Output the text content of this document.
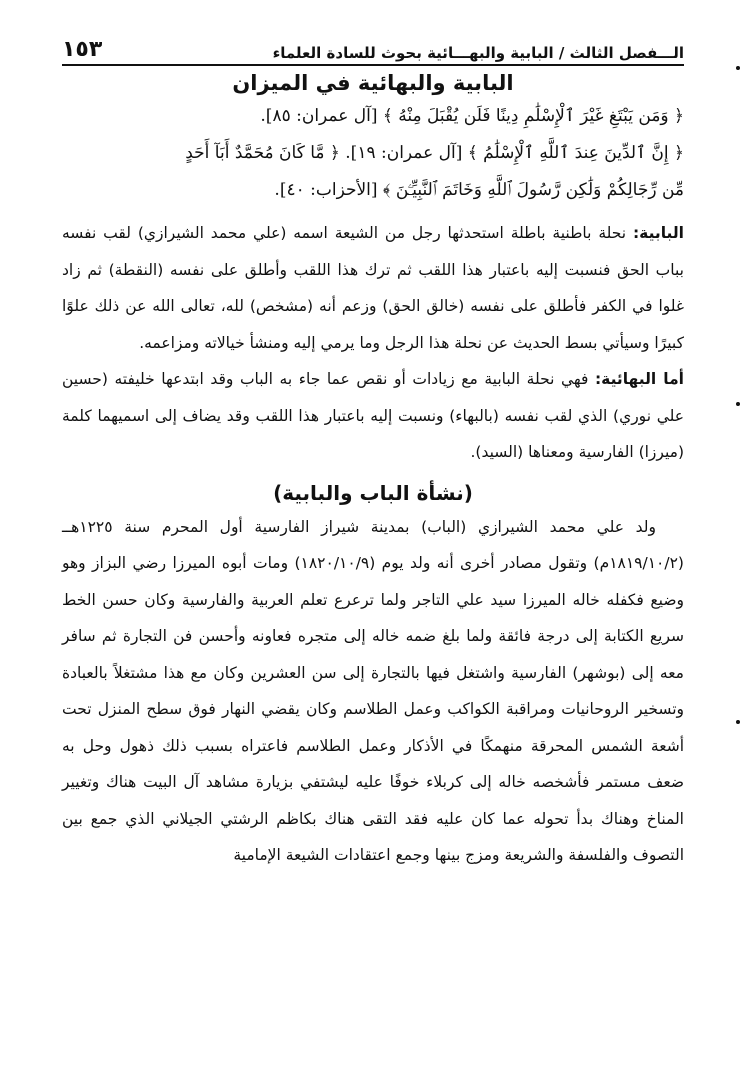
الـــفصل الثالث / البابية والبهـــائية بحوث للسادة العلماء
١٥٣
البابية والبهائية في الميزان
﴿ وَمَن يَبْتَغِ غَيْرَ ٱلْإِسْلَٰمِ دِينًا فَلَن يُقْبَلَ مِنْهُ ﴾ [آل عمران: ٨٥].
﴿ إِنَّ ٱلدِّينَ عِندَ ٱللَّهِ ٱلْإِسْلَٰمُ ﴾ [آل عمران: ١٩]. ﴿ مَّا كَانَ مُحَمَّدٌ أَبَآ أَحَدٍ
مِّن رِّجَالِكُمْ وَلَٰكِن رَّسُولَ ٱللَّهِ وَخَاتَمَ ٱلنَّبِيِّـۧنَ ﴾ [الأحزاب: ٤٠].

البابية: نحلة باطنية باطلة استحدثها رجل من الشيعة اسمه (علي محمد الشيرازي) لقب نفسه بباب الحق فنسبت إليه باعتبار هذا اللقب ثم ترك هذا اللقب وأطلق على نفسه (النقطة) ثم زاد غلوا في الكفر فأطلق على نفسه (خالق الحق) وزعم أنه (مشخص) لله، تعالى الله عن ذلك علوًا كبيرًا وسيأتي بسط الحديث عن نحلة هذا الرجل وما يرمي إليه ومنشأ خيالاته ومزاعمه.

أما البهائية: فهي نحلة البابية مع زيادات أو نقص عما جاء به الباب وقد ابتدعها خليفته (حسين علي نوري) الذي لقب نفسه (بالبهاء) ونسبت إليه باعتبار هذا اللقب وقد يضاف إلى اسميهما كلمة (ميرزا) الفارسية ومعناها (السيد).

(نشأة الباب والبابية)

ولد علي محمد الشيرازي (الباب) بمدينة شيراز الفارسية أول المحرم سنة ١٢٢٥هــ (١٨١٩/١٠/٢م) وتقول مصادر أخرى أنه ولد يوم (١٨٢٠/١٠/٩) ومات أبوه الميرزا رضي البزاز وهو وضيع فكفله خاله الميرزا سيد علي التاجر ولما ترعرع تعلم العربية والفارسية وكان حسن الخط سريع الكتابة إلى درجة فائقة ولما بلغ ضمه خاله إلى متجره فعاونه وأحسن فن التجارة ثم سافر معه إلى (بوشهر) الفارسية واشتغل فيها بالتجارة إلى سن العشرين وكان مع هذا مشتغلاً بالعبادة وتسخير الروحانيات ومراقبة الكواكب وعمل الطلاسم وكان يقضي النهار فوق سطح المنزل تحت أشعة الشمس المحرقة منهمكًا في الأذكار وعمل الطلاسم فاعتراه بسبب ذلك ذهول وحل به ضعف مستمر فأشخصه خاله إلى كربلاء خوفًا عليه ليشتفي بزيارة مشاهد آل البيت هناك وتغيير المناخ وهناك بدأ تحوله عما كان عليه فقد التقى هناك بكاظم الرشتي الجيلاني الذي جمع بين التصوف والفلسفة والشريعة ومزج بينها وجمع اعتقادات الشيعة الإمامية
